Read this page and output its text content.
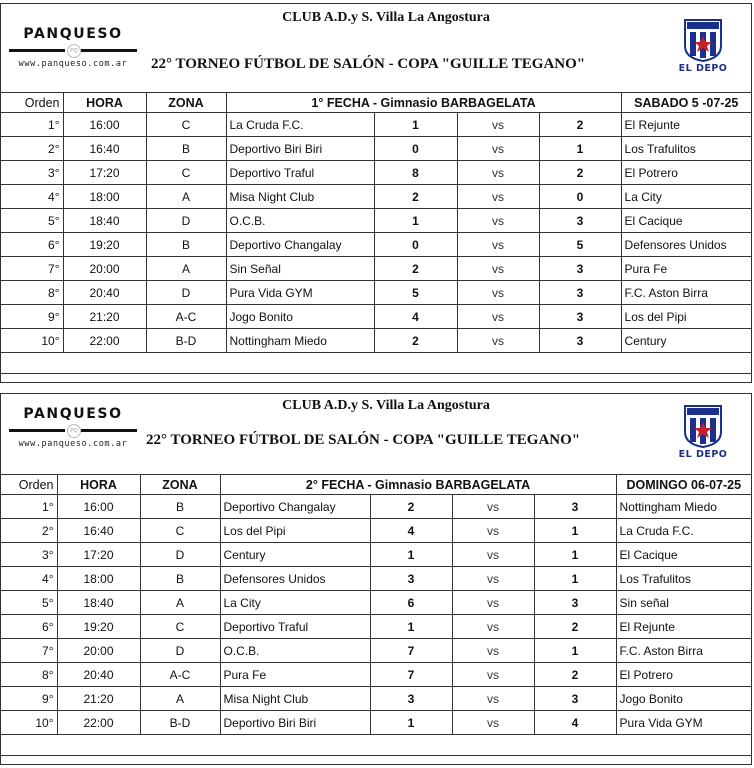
PANQUESO
PQ
www.panqueso.com.ar
CLUB A.D.y S. Villa La Angostura
22° TORNEO FÚTBOL DE SALÓN - COPA "GUILLE TEGANO"	EL DEPO
Orden	HORA	ZONA	1° FECHA - Gimnasio BARBAGELATA				SABADO 5 -07-25
1°	16:00	C	La Cruda F.C.	1	vs	2	El Rejunte
2°	16:40	B	Deportivo Biri Biri	0	vs	1	Los Trafulitos
3°	17:20	C	Deportivo Traful	8	vs	2	El Potrero
4°	18:00	A	Misa Night Club	2	vs	0	La City
5°	18:40	D	O.C.B.	1	vs	3	El Cacique
6°	19:20	B	Deportivo Changalay	0	vs	5	Defensores Unidos
7°	20:00	A	Sin Señal	2	vs	3	Pura Fe
8°	20:40	D	Pura Vida GYM	5	vs	3	F.C. Aston Birra
9°	21:20	A-C	Jogo Bonito	4	vs	3	Los del Pipi
10°	22:00	B-D	Nottingham Miedo	2	vs	3	Century

PANQUESO
PQ
www.panqueso.com.ar
CLUB A.D.y S. Villa La Angostura
22° TORNEO FÚTBOL DE SALÓN - COPA "GUILLE TEGANO"
EL DEPO
Orden	HORA	ZONA	2° FECHA - Gimnasio BARBAGELATA				DOMINGO 06-07-25
1°	16:00	B	Deportivo Changalay	2	vs	3	Nottingham Miedo
2°	16:40	C	Los del Pipi	4	vs	1	La Cruda F.C.
3°	17:20	D	Century	1	vs	1	El Cacique
4°	18:00	B	Defensores Unidos	3	vs	1	Los Trafulitos
5°	18:40	A	La City	6	vs	3	Sin señal
6°	19:20	C	Deportivo Traful	1	vs	2	El Rejunte
7°	20:00	D	O.C.B.	7	vs	1	F.C. Aston Birra
8°	20:40	A-C	Pura Fe	7	vs	2	El Potrero
9°	21:20	A	Misa Night Club	3	vs	3	Jogo Bonito
10°	22:00	B-D	Deportivo Biri Biri	1	vs	4	Pura Vida GYM
